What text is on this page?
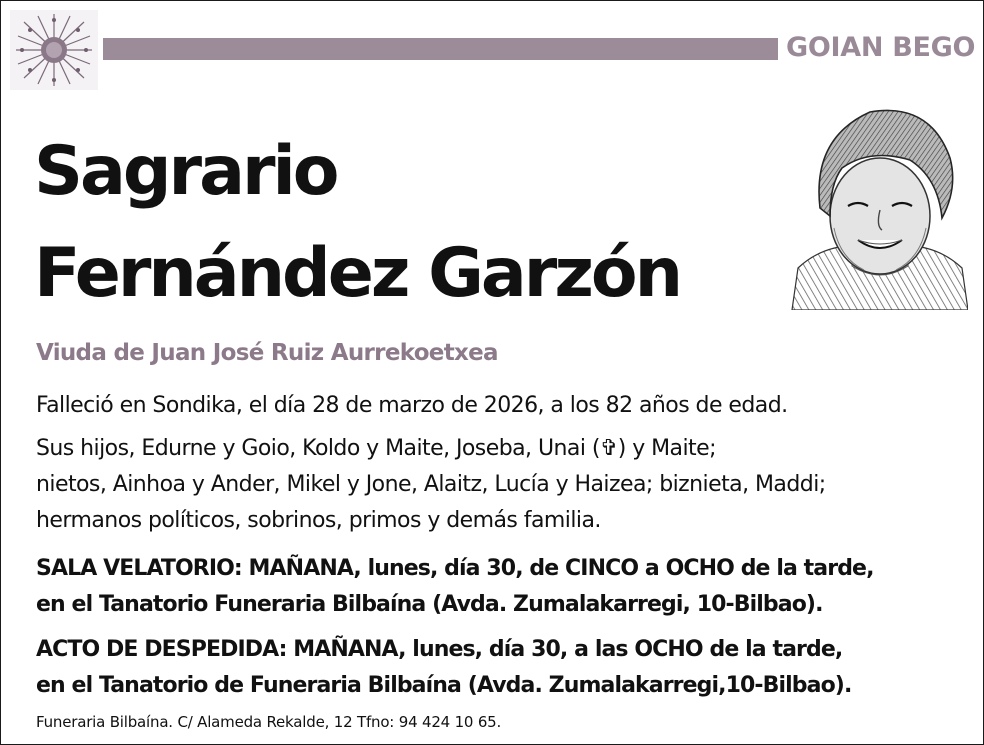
GOIAN BEGO
Sagrario
Fernández Garzón
Viuda de Juan José Ruiz Aurrekoetxea
Falleció en Sondika, el día 28 de marzo de 2026, a los 82 años de edad.
Sus hijos, Edurne y Goio, Koldo y Maite, Joseba, Unai (✞) y Maite;
nietos, Ainhoa y Ander, Mikel y Jone, Alaitz, Lucía y Haizea; biznieta, Maddi;
hermanos políticos, sobrinos, primos y demás familia.
SALA VELATORIO: MAÑANA, lunes, día 30, de CINCO a OCHO de la tarde,
en el Tanatorio Funeraria Bilbaína (Avda. Zumalakarregi, 10-Bilbao).
ACTO DE DESPEDIDA: MAÑANA, lunes, día 30, a las OCHO de la tarde,
en el Tanatorio de Funeraria Bilbaína (Avda. Zumalakarregi,10-Bilbao).
Funeraria Bilbaína. C/ Alameda Rekalde, 12 Tfno: 94 424 10 65.
